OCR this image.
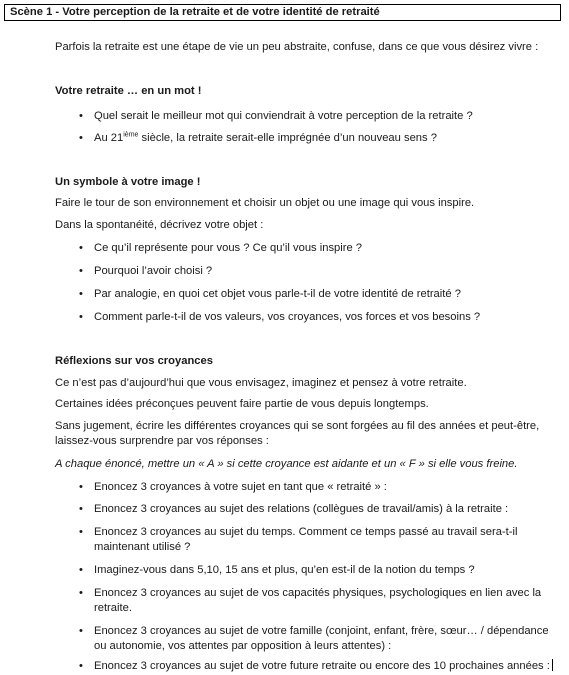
Scène 1 - Votre perception de la retraite et de votre identité de retraité
Parfois la retraite est une étape de vie un peu abstraite, confuse, dans ce que vous désirez vivre :
Votre retraite … en un mot !
• Quel serait le meilleur mot qui conviendrait à votre perception de la retraite ?
• Au 21ième siècle, la retraite serait-elle imprégnée d’un nouveau sens ?
Un symbole à votre image !
Faire le tour de son environnement et choisir un objet ou une image qui vous inspire.
Dans la spontanéité, décrivez votre objet :
• Ce qu’il représente pour vous ? Ce qu’il vous inspire ?
• Pourquoi l’avoir choisi ?
• Par analogie, en quoi cet objet vous parle-t-il de votre identité de retraité ?
• Comment parle-t-il de vos valeurs, vos croyances, vos forces et vos besoins ?
Réflexions sur vos croyances
Ce n’est pas d’aujourd’hui que vous envisagez, imaginez et pensez à votre retraite.
Certaines idées préconçues peuvent faire partie de vous depuis longtemps.
Sans jugement, écrire les différentes croyances qui se sont forgées au fil des années et peut-être,
laissez-vous surprendre par vos réponses :
A chaque énoncé, mettre un « A » si cette croyance est aidante et un « F » si elle vous freine.
• Enoncez 3 croyances à votre sujet en tant que « retraité » :
• Enoncez 3 croyances au sujet des relations (collègues de travail/amis) à la retraite :
• Enoncez 3 croyances au sujet du temps. Comment ce temps passé au travail sera-t-il
maintenant utilisé ?
• Imaginez-vous dans 5,10, 15 ans et plus, qu’en est-il de la notion du temps ?
• Enoncez 3 croyances au sujet de vos capacités physiques, psychologiques en lien avec la
retraite.
• Enoncez 3 croyances au sujet de votre famille (conjoint, enfant, frère, sœur… / dépendance
ou autonomie, vos attentes par opposition à leurs attentes) :
• Enoncez 3 croyances au sujet de votre future retraite ou encore des 10 prochaines années :
